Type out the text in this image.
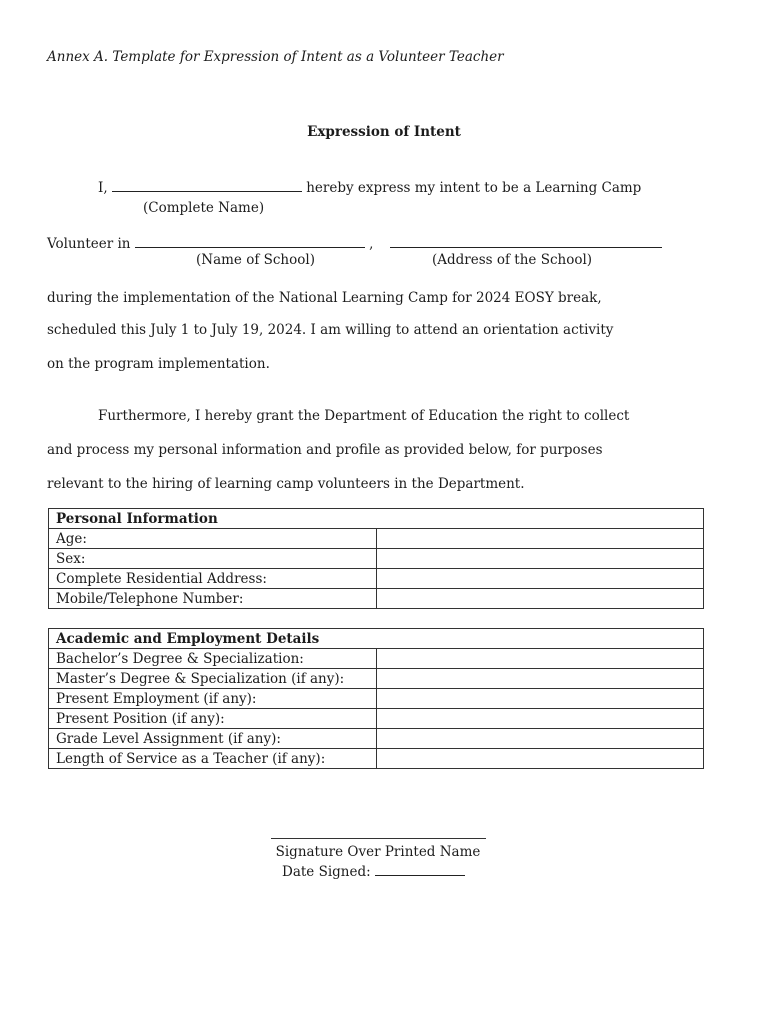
Annex A. Template for Expression of Intent as a Volunteer Teacher
Expression of Intent
I,	hereby express my intent to be a Learning Camp
(Complete Name)
Volunteer in	,
(Name of School)	(Address of the School)
during the implementation of the National Learning Camp for 2024 EOSY break,
scheduled this July 1 to July 19, 2024. I am willing to attend an orientation activity
on the program implementation.
Furthermore, I hereby grant the Department of Education the right to collect
and process my personal information and profile as provided below, for purposes
relevant to the hiring of learning camp volunteers in the Department.
Personal Information	
Age:	
Sex:	
Complete Residential Address:	
Mobile/Telephone Number:	
Academic and Employment Details	
Bachelor’s Degree & Specialization:	
Master’s Degree & Specialization (if any):	
Present Employment (if any):	
Present Position (if any):	
Grade Level Assignment (if any):	
Length of Service as a Teacher (if any):	
Signature Over Printed Name
Date Signed:
